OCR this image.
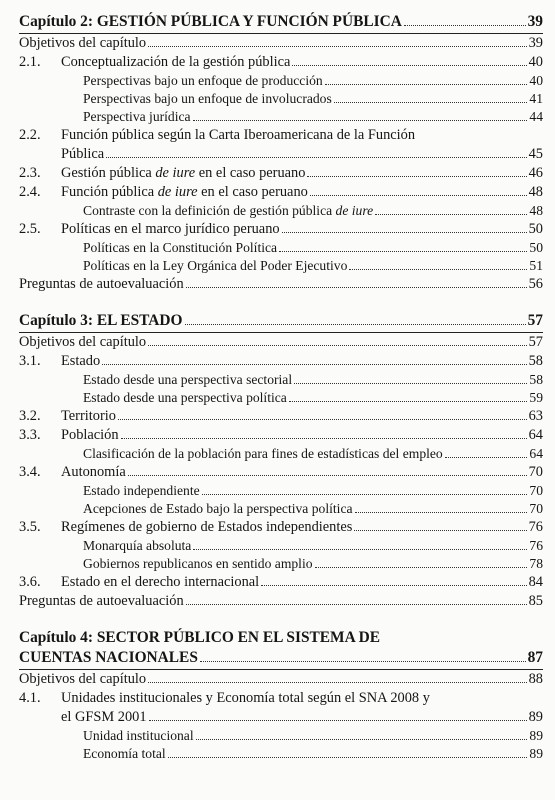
Capítulo 2: GESTIÓN PÚBLICA Y FUNCIÓN PÚBLICA	39
Objetivos del capítulo	39
2.1.	Conceptualización de la gestión pública	40
Perspectivas bajo un enfoque de producción	40
Perspectivas bajo un enfoque de involucrados	41
Perspectiva jurídica	44
2.2.	Función pública según la Carta Iberoamericana de la Función
Pública	45
2.3.	Gestión pública de iure en el caso peruano	46
2.4.	Función pública de iure en el caso peruano	48
Contraste con la definición de gestión pública de iure	48
2.5.	Políticas en el marco jurídico peruano	50
Políticas en la Constitución Política	50
Políticas en la Ley Orgánica del Poder Ejecutivo	51
Preguntas de autoevaluación	56
Capítulo 3: EL ESTADO	57
Objetivos del capítulo	57
3.1.	Estado	58
Estado desde una perspectiva sectorial	58
Estado desde una perspectiva política	59
3.2.	Territorio	63
3.3.	Población	64
Clasificación de la población para fines de estadísticas del empleo	64
3.4.	Autonomía	70
Estado independiente	70
Acepciones de Estado bajo la perspectiva política	70
3.5.	Regímenes de gobierno de Estados independientes	76
Monarquía absoluta	76
Gobiernos republicanos en sentido amplio	78
3.6.	Estado en el derecho internacional	84
Preguntas de autoevaluación	85
Capítulo 4: SECTOR PÚBLICO EN EL SISTEMA DE
CUENTAS NACIONALES	87
Objetivos del capítulo	88
4.1.	Unidades institucionales y Economía total según el SNA 2008 y
el GFSM 2001	89
Unidad institucional	89
Economía total	89
